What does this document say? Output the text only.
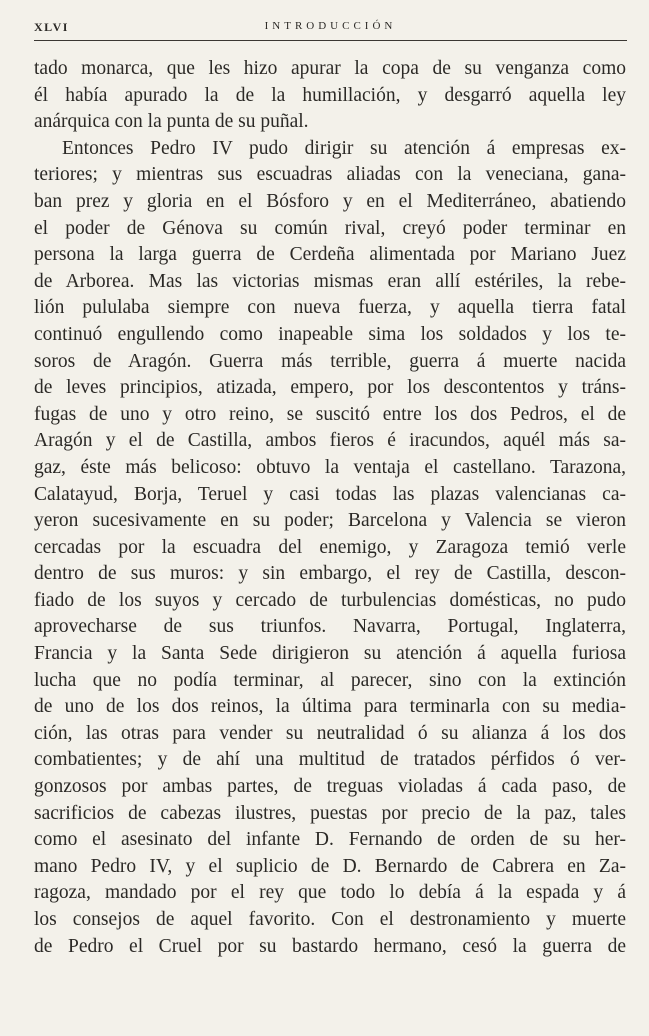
XLVI	INTRODUCCIÓN
tado monarca, que les hizo apurar la copa de su venganza como
él había apurado la de la humillación, y desgarró aquella ley
anárquica con la punta de su puñal.
Entonces Pedro IV pudo dirigir su atención á empresas ex-
teriores; y mientras sus escuadras aliadas con la veneciana, gana-
ban prez y gloria en el Bósforo y en el Mediterráneo, abatiendo
el poder de Génova su común rival, creyó poder terminar en
persona la larga guerra de Cerdeña alimentada por Mariano Juez
de Arborea. Mas las victorias mismas eran allí estériles, la rebe-
lión pululaba siempre con nueva fuerza, y aquella tierra fatal
continuó engullendo como inapeable sima los soldados y los te-
soros de Aragón. Guerra más terrible, guerra á muerte nacida
de leves principios, atizada, empero, por los descontentos y tráns-
fugas de uno y otro reino, se suscitó entre los dos Pedros, el de
Aragón y el de Castilla, ambos fieros é iracundos, aquél más sa-
gaz, éste más belicoso: obtuvo la ventaja el castellano. Tarazona,
Calatayud, Borja, Teruel y casi todas las plazas valencianas ca-
yeron sucesivamente en su poder; Barcelona y Valencia se vieron
cercadas por la escuadra del enemigo, y Zaragoza temió verle
dentro de sus muros: y sin embargo, el rey de Castilla, descon-
fiado de los suyos y cercado de turbulencias domésticas, no pudo
aprovecharse de sus triunfos. Navarra, Portugal, Inglaterra,
Francia y la Santa Sede dirigieron su atención á aquella furiosa
lucha que no podía terminar, al parecer, sino con la extinción
de uno de los dos reinos, la última para terminarla con su media-
ción, las otras para vender su neutralidad ó su alianza á los dos
combatientes; y de ahí una multitud de tratados pérfidos ó ver-
gonzosos por ambas partes, de treguas violadas á cada paso, de
sacrificios de cabezas ilustres, puestas por precio de la paz, tales
como el asesinato del infante D. Fernando de orden de su her-
mano Pedro IV, y el suplicio de D. Bernardo de Cabrera en Za-
ragoza, mandado por el rey que todo lo debía á la espada y á
los consejos de aquel favorito. Con el destronamiento y muerte
de Pedro el Cruel por su bastardo hermano, cesó la guerra de
